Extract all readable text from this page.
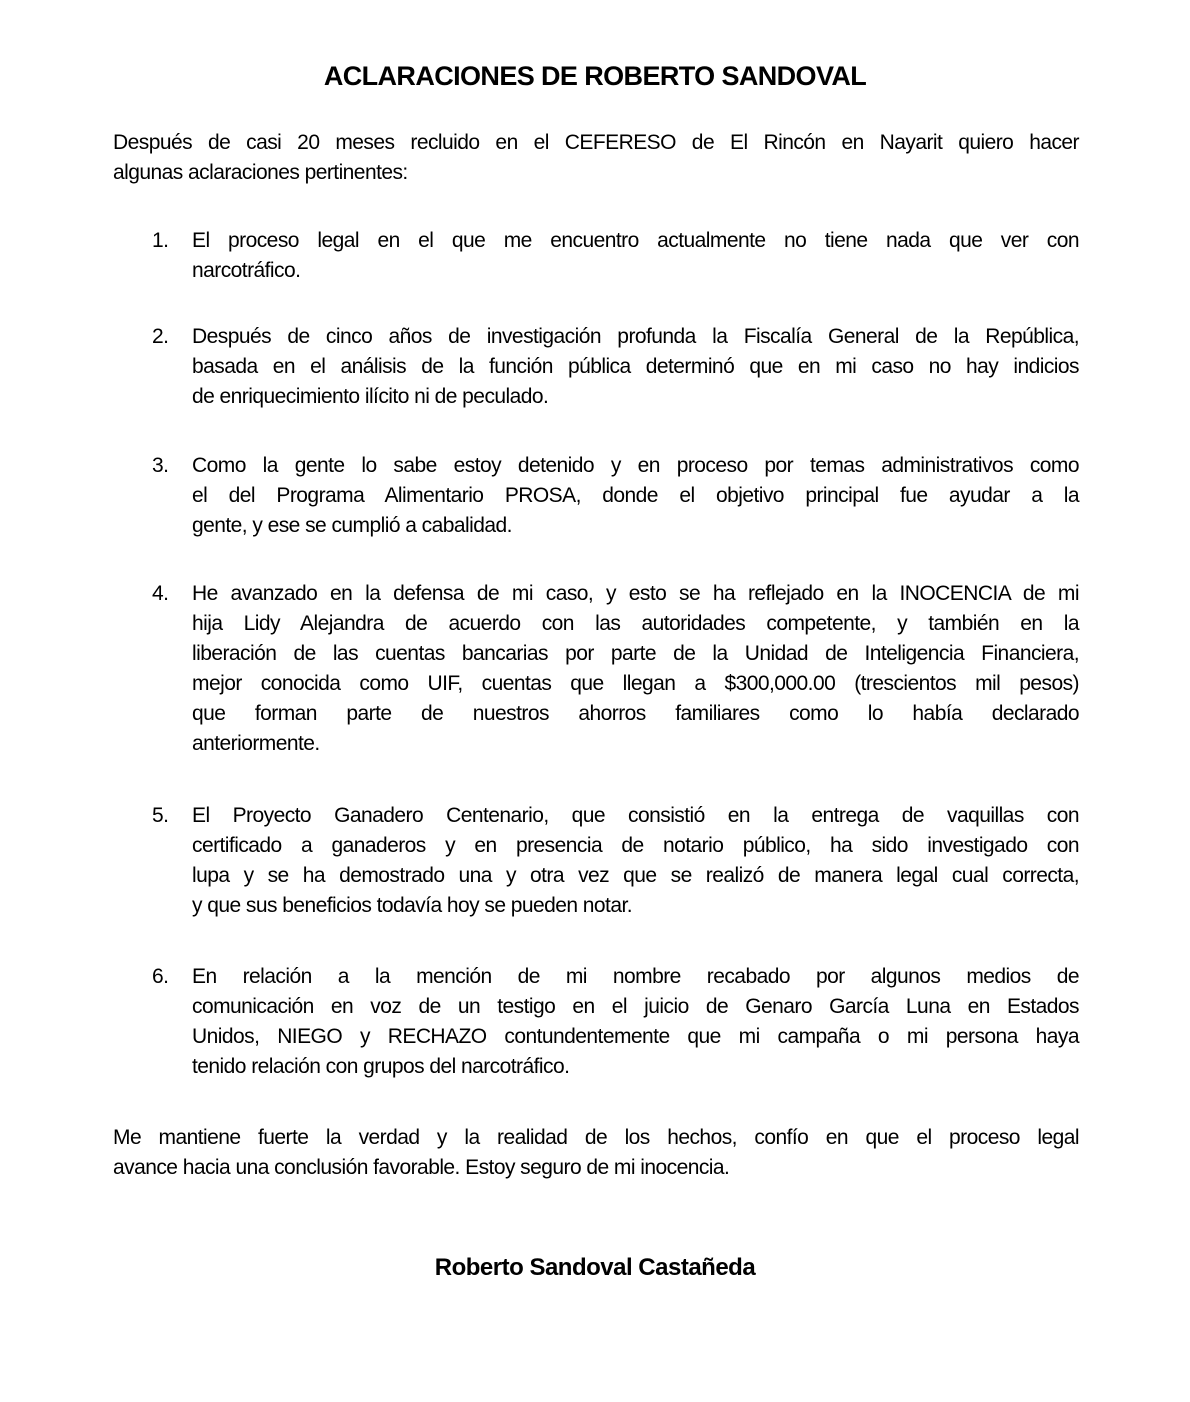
ACLARACIONES DE ROBERTO SANDOVAL
Después de casi 20 meses recluido en el CEFERESO de El Rincón en Nayarit quiero hacer
algunas aclaraciones pertinentes:
1.	El proceso legal en el que me encuentro actualmente no tiene nada que ver con
narcotráfico.
2.	Después de cinco años de investigación profunda la Fiscalía General de la República,
basada en el análisis de la función pública determinó que en mi caso no hay indicios
de enriquecimiento ilícito ni de peculado.
3.	Como la gente lo sabe estoy detenido y en proceso por temas administrativos como
el del Programa Alimentario PROSA, donde el objetivo principal fue ayudar a la
gente, y ese se cumplió a cabalidad.
4.	He avanzado en la defensa de mi caso, y esto se ha reflejado en la INOCENCIA de mi
hija Lidy Alejandra de acuerdo con las autoridades competente, y también en la
liberación de las cuentas bancarias por parte de la Unidad de Inteligencia Financiera,
mejor conocida como UIF, cuentas que llegan a $300,000.00 (trescientos mil pesos)
que forman parte de nuestros ahorros familiares como lo había declarado
anteriormente.
5.	El Proyecto Ganadero Centenario, que consistió en la entrega de vaquillas con
certificado a ganaderos y en presencia de notario público, ha sido investigado con
lupa y se ha demostrado una y otra vez que se realizó de manera legal cual correcta,
y que sus beneficios todavía hoy se pueden notar.
6.	En relación a la mención de mi nombre recabado por algunos medios de
comunicación en voz de un testigo en el juicio de Genaro García Luna en Estados
Unidos, NIEGO y RECHAZO contundentemente que mi campaña o mi persona haya
tenido relación con grupos del narcotráfico.
Me mantiene fuerte la verdad y la realidad de los hechos, confío en que el proceso legal
avance hacia una conclusión favorable. Estoy seguro de mi inocencia.
Roberto Sandoval Castañeda
